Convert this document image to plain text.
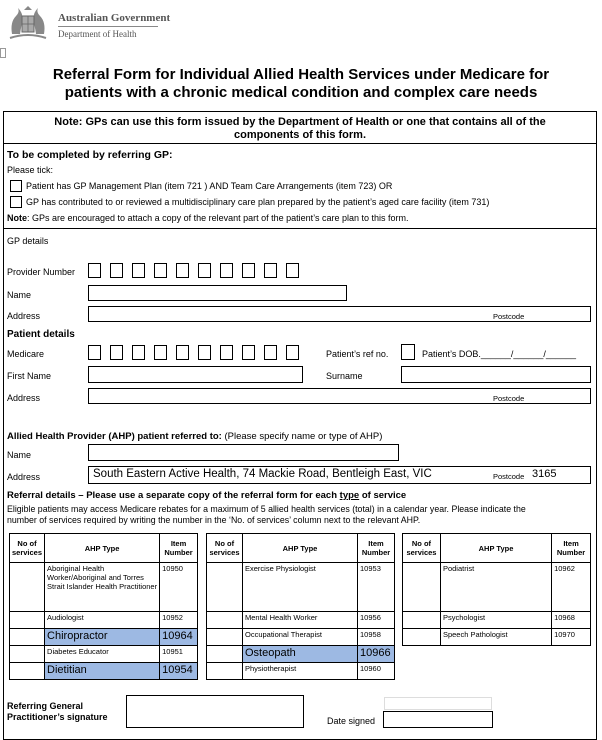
Australian Government
Department of Health
Referral Form for Individual Allied Health Services under Medicare for
patients with a chronic medical condition and complex care needs
Note: GPs can use this form issued by the Department of Health or one that contains all of the
components of this form.
To be completed by referring GP:
Please tick:
Patient has GP Management Plan (item 721 ) AND Team Care Arrangements (item 723) OR
GP has contributed to or reviewed a multidisciplinary care plan prepared by the patient’s aged care facility (item 731)
Note: GPs are encouraged to attach a copy of the relevant part of the patient’s care plan to this form.
GP details
Provider Number
Name
Address	Postcode
Patient details
Medicare	Patient’s ref no.	Patient’s DOB.______/______/______
First Name	Surname
Address	Postcode
Allied Health Provider (AHP) patient referred to: (Please specify name or type of AHP)
Name
Address	South Eastern Active Health, 74 Mackie Road, Bentleigh East, VIC	Postcode 3165
Referral details – Please use a separate copy of the referral form for each type of service
Eligible patients may access Medicare rebates for a maximum of 5 allied health services (total) in a calendar year. Please indicate the
number of services required by writing the number in the ‘No. of services’ column next to the relevant AHP.
No of services	AHP Type	Item Number
	Aboriginal Health Worker/Aboriginal and Torres Strait Islander Health Practitioner	10950
	Audiologist	10952
	Chiropractor	10964
	Diabetes Educator	10951
	Dietitian	10954
No of services	AHP Type	Item Number
	Exercise Physiologist	10953
	Mental Health Worker	10956
	Occupational Therapist	10958
	Osteopath	10966
	Physiotherapist	10960
No of services	AHP Type	Item Number
	Podiatrist	10962
	Psychologist	10968
	Speech Pathologist	10970
Referring General
Practitioner’s signature	Date signed
